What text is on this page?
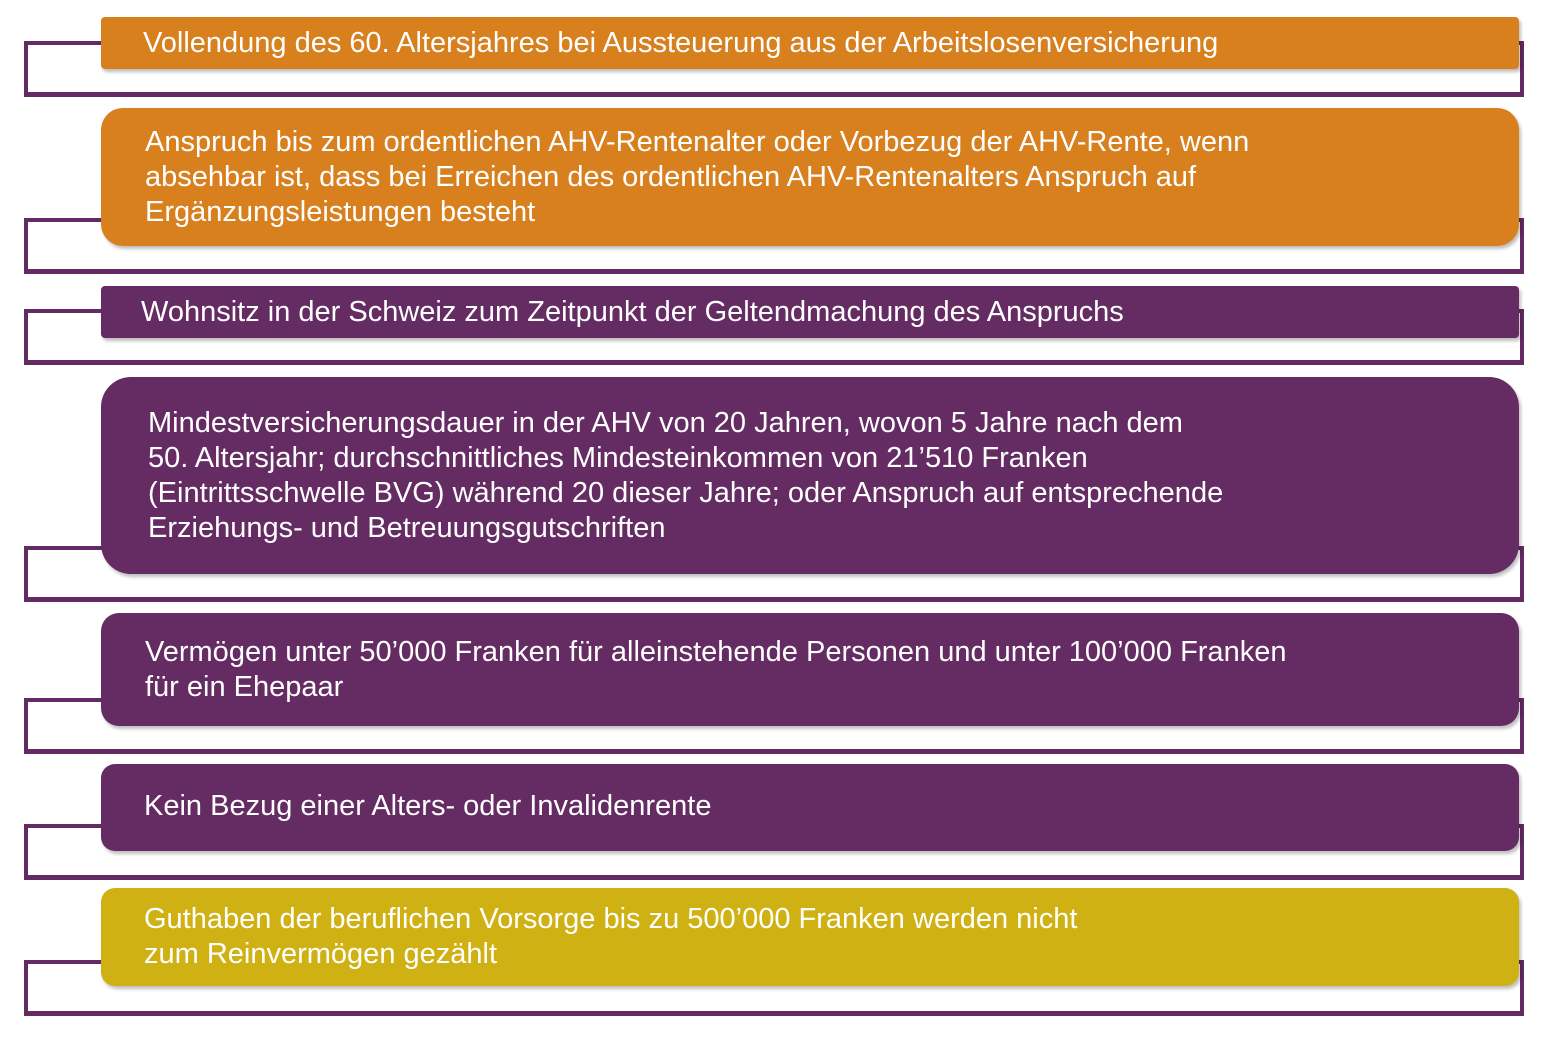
Vollendung des 60. Altersjahres bei Aussteuerung aus der Arbeitslosenversicherung
Anspruch bis zum ordentlichen AHV-Rentenalter oder Vorbezug der AHV-Rente, wenn
absehbar ist, dass bei Erreichen des ordentlichen AHV-Rentenalters Anspruch auf
Ergänzungsleistungen besteht
Wohnsitz in der Schweiz zum Zeitpunkt der Geltendmachung des Anspruchs
Mindestversicherungsdauer in der AHV von 20 Jahren, wovon 5 Jahre nach dem
50. Altersjahr; durchschnittliches Mindesteinkommen von 21’510 Franken
(Eintrittsschwelle BVG) während 20 dieser Jahre; oder Anspruch auf entsprechende
Erziehungs- und Betreuungsgutschriften
Vermögen unter 50’000 Franken für alleinstehende Personen und unter 100’000 Franken
für ein Ehepaar
Kein Bezug einer Alters- oder Invalidenrente
Guthaben der beruflichen Vorsorge bis zu 500’000 Franken werden nicht
zum Reinvermögen gezählt
